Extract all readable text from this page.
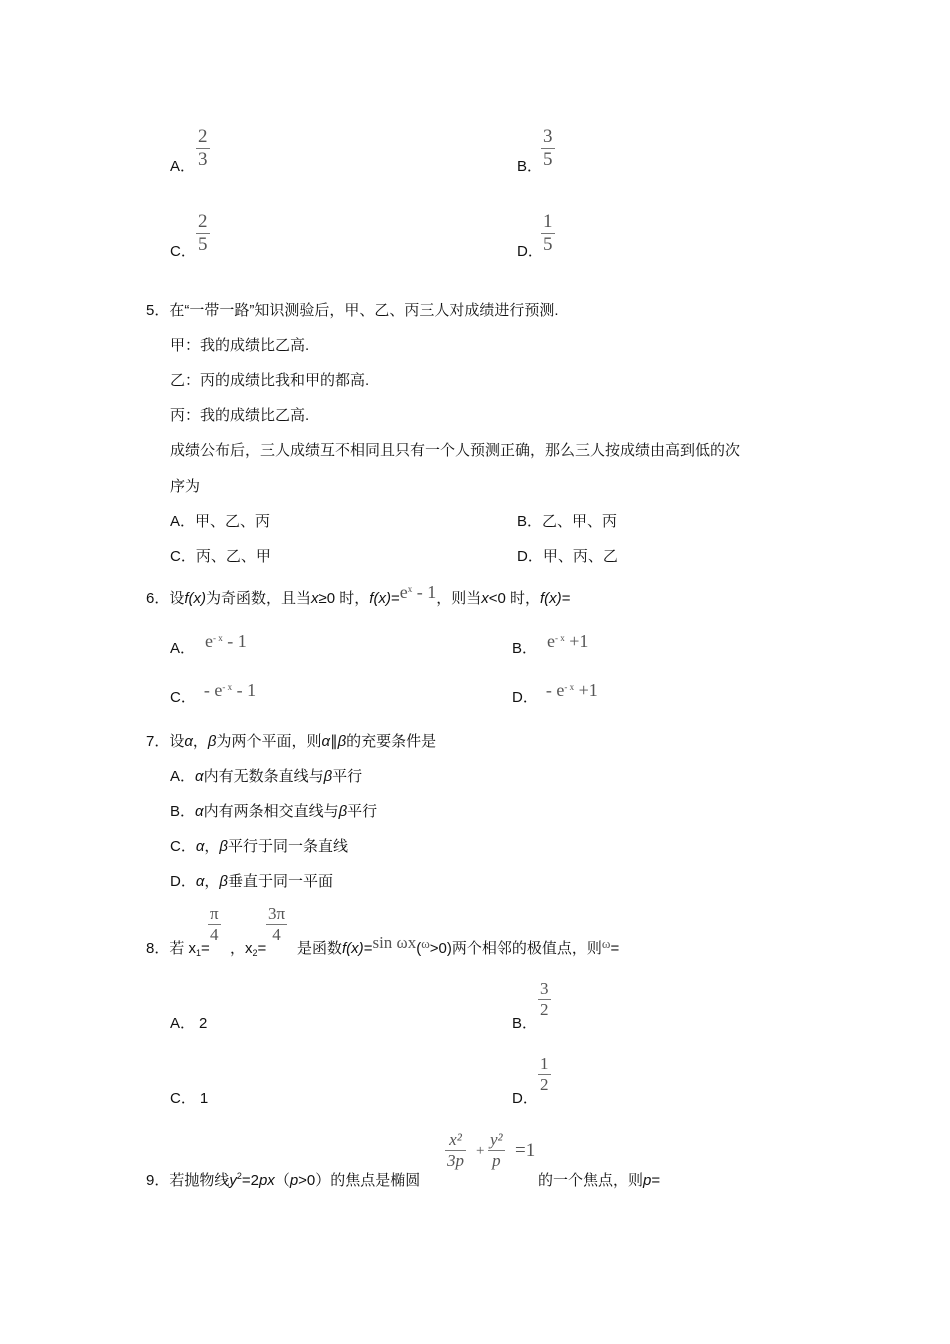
A． $\frac{2}{3}$	B．
$\frac{3}{5}$
C． $\frac{2}{5}$	D．
$\frac{1}{5}$
5．在“一带一路”知识测验后，甲、乙、丙三人对成绩进行预测.
甲：我的成绩比乙高.
乙：丙的成绩比我和甲的都高.
丙：我的成绩比乙高.
成绩公布后，三人成绩互不相同且只有一个人预测正确，那么三人按成绩由高到低的次
序为
A．甲、乙、丙	B．乙、甲、丙
C．丙、乙、甲	D．甲、丙、乙
6．设f(x)为奇函数，且当x≥0 时，$f(x)=e^x - 1$，则当x<0 时，f(x)=
A． $e^{- x} - 1$	B． $e^{- x} +1$
C． - $e^{- x} - 1$	D． - $e^{- x} +1$
7．设α，β为两个平面，则α∥β的充要条件是
A．α内有无数条直线与β平行
B．α内有两条相交直线与β平行
C．α，β平行于同一条直线
D．α，β垂直于同一平面
8．若 $x_1=$
$\frac{\pi}{4}$
，$x_2=$
$\frac{3\pi}{4}$
是函数f(x)=sin ωx(ω>0)两个相邻的极值点，则ω=
A． 2	B．
$\frac{3}{2}$
C． 1	D．
$\frac{1}{2}$
9．若抛物线$y^2=2px(p>0)$的焦点是椭圆
$\frac{\text{x²}}{3p} + \frac{\text{y²}}{p} =1$
的一个焦点，则p=
